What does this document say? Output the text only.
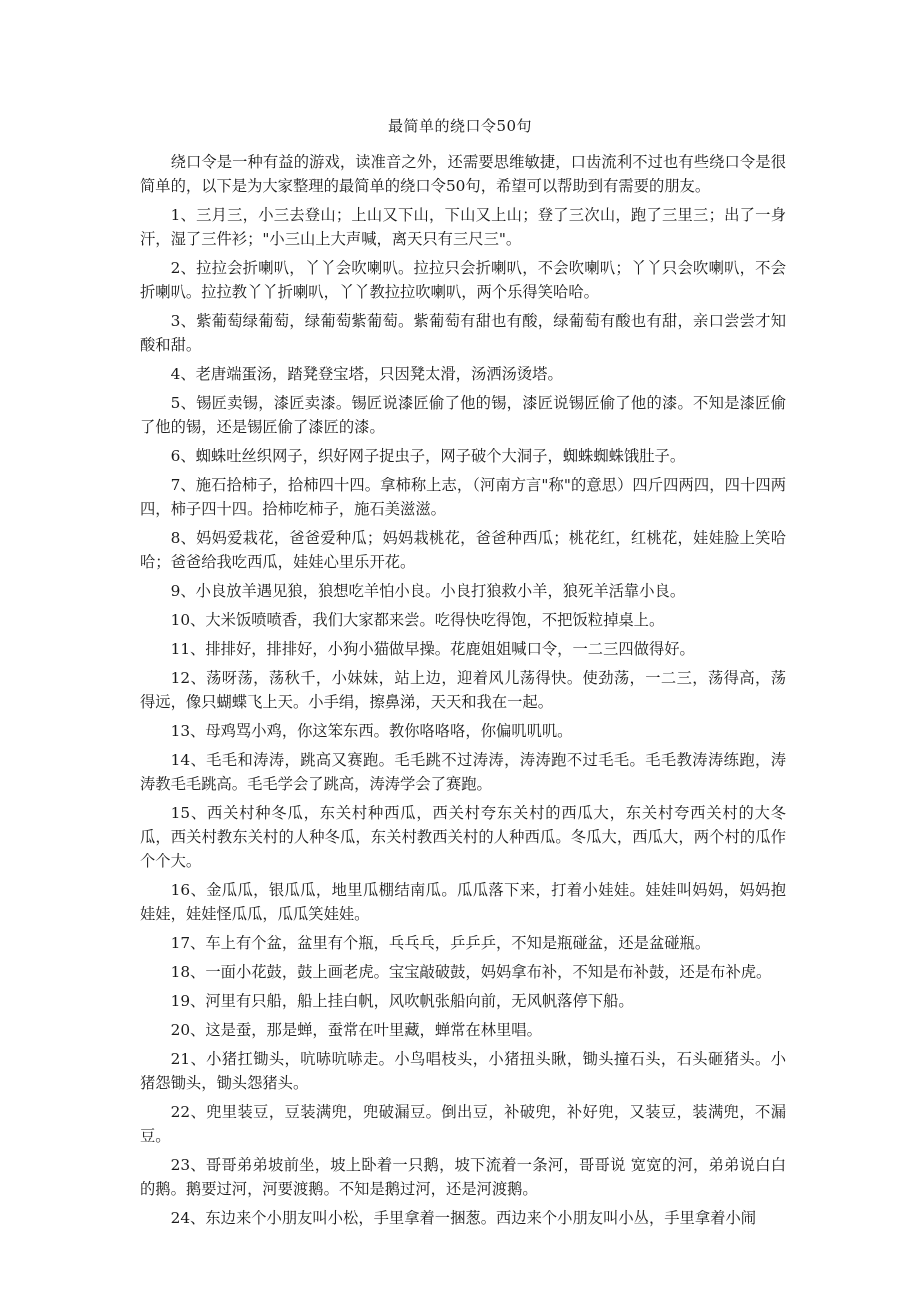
最简单的绕口令50句

绕口令是一种有益的游戏，读准音之外，还需要思维敏捷，口齿流利不过也有些绕口令是很简单的，以下是为大家整理的最简单的绕口令50句，希望可以帮助到有需要的朋友。

1、三月三，小三去登山；上山又下山，下山又上山；登了三次山，跑了三里三；出了一身汗，湿了三件衫；"小三山上大声喊，离天只有三尺三"。

2、拉拉会折喇叭，丫丫会吹喇叭。拉拉只会折喇叭，不会吹喇叭；丫丫只会吹喇叭，不会折喇叭。拉拉教丫丫折喇叭，丫丫教拉拉吹喇叭，两个乐得笑哈哈。

3、紫葡萄绿葡萄，绿葡萄紫葡萄。紫葡萄有甜也有酸，绿葡萄有酸也有甜，亲口尝尝才知酸和甜。

4、老唐端蛋汤，踏凳登宝塔，只因凳太滑，汤洒汤烫塔。

5、锡匠卖锡，漆匠卖漆。锡匠说漆匠偷了他的锡，漆匠说锡匠偷了他的漆。不知是漆匠偷了他的锡，还是锡匠偷了漆匠的漆。

6、蜘蛛吐丝织网子，织好网子捉虫子，网子破个大洞子，蜘蛛蜘蛛饿肚子。

7、施石拾柿子，拾柿四十四。拿柿称上志，（河南方言"称"的意思）四斤四两四，四十四两四，柿子四十四。拾柿吃柿子，施石美滋滋。

8、妈妈爱栽花，爸爸爱种瓜；妈妈栽桃花，爸爸种西瓜；桃花红，红桃花，娃娃脸上笑哈哈；爸爸给我吃西瓜，娃娃心里乐开花。

9、小良放羊遇见狼，狼想吃羊怕小良。小良打狼救小羊，狼死羊活靠小良。

10、大米饭喷喷香，我们大家都来尝。吃得快吃得饱，不把饭粒掉桌上。

11、排排好，排排好，小狗小猫做早操。花鹿姐姐喊口令，一二三四做得好。

12、荡呀荡，荡秋千，小妹妹，站上边，迎着风儿荡得快。使劲荡，一二三，荡得高，荡得远，像只蝴蝶飞上天。小手绢，擦鼻涕，天天和我在一起。

13、母鸡骂小鸡，你这笨东西。教你咯咯咯，你偏叽叽叽。

14、毛毛和涛涛，跳高又赛跑。毛毛跳不过涛涛，涛涛跑不过毛毛。毛毛教涛涛练跑，涛涛教毛毛跳高。毛毛学会了跳高，涛涛学会了赛跑。

15、西关村种冬瓜，东关村种西瓜，西关村夸东关村的西瓜大，东关村夸西关村的大冬瓜，西关村教东关村的人种冬瓜，东关村教西关村的人种西瓜。冬瓜大，西瓜大，两个村的瓜作个个大。

16、金瓜瓜，银瓜瓜，地里瓜棚结南瓜。瓜瓜落下来，打着小娃娃。娃娃叫妈妈，妈妈抱娃娃，娃娃怪瓜瓜，瓜瓜笑娃娃。

17、车上有个盆，盆里有个瓶，乓乓乓，乒乒乒，不知是瓶碰盆，还是盆碰瓶。

18、一面小花鼓，鼓上画老虎。宝宝敲破鼓，妈妈拿布补，不知是布补鼓，还是布补虎。

19、河里有只船，船上挂白帆，风吹帆张船向前，无风帆落停下船。

20、这是蚕，那是蝉，蚕常在叶里藏，蝉常在林里唱。

21、小猪扛锄头，吭哧吭哧走。小鸟唱枝头，小猪扭头瞅，锄头撞石头，石头砸猪头。小猪怨锄头，锄头怨猪头。

22、兜里装豆，豆装满兜，兜破漏豆。倒出豆，补破兜，补好兜，又装豆，装满兜，不漏豆。

23、哥哥弟弟坡前坐，坡上卧着一只鹅，坡下流着一条河，哥哥说 宽宽的河，弟弟说白白的鹅。鹅要过河，河要渡鹅。不知是鹅过河，还是河渡鹅。

24、东边来个小朋友叫小松，手里拿着一捆葱。西边来个小朋友叫小丛，手里拿着小闹
